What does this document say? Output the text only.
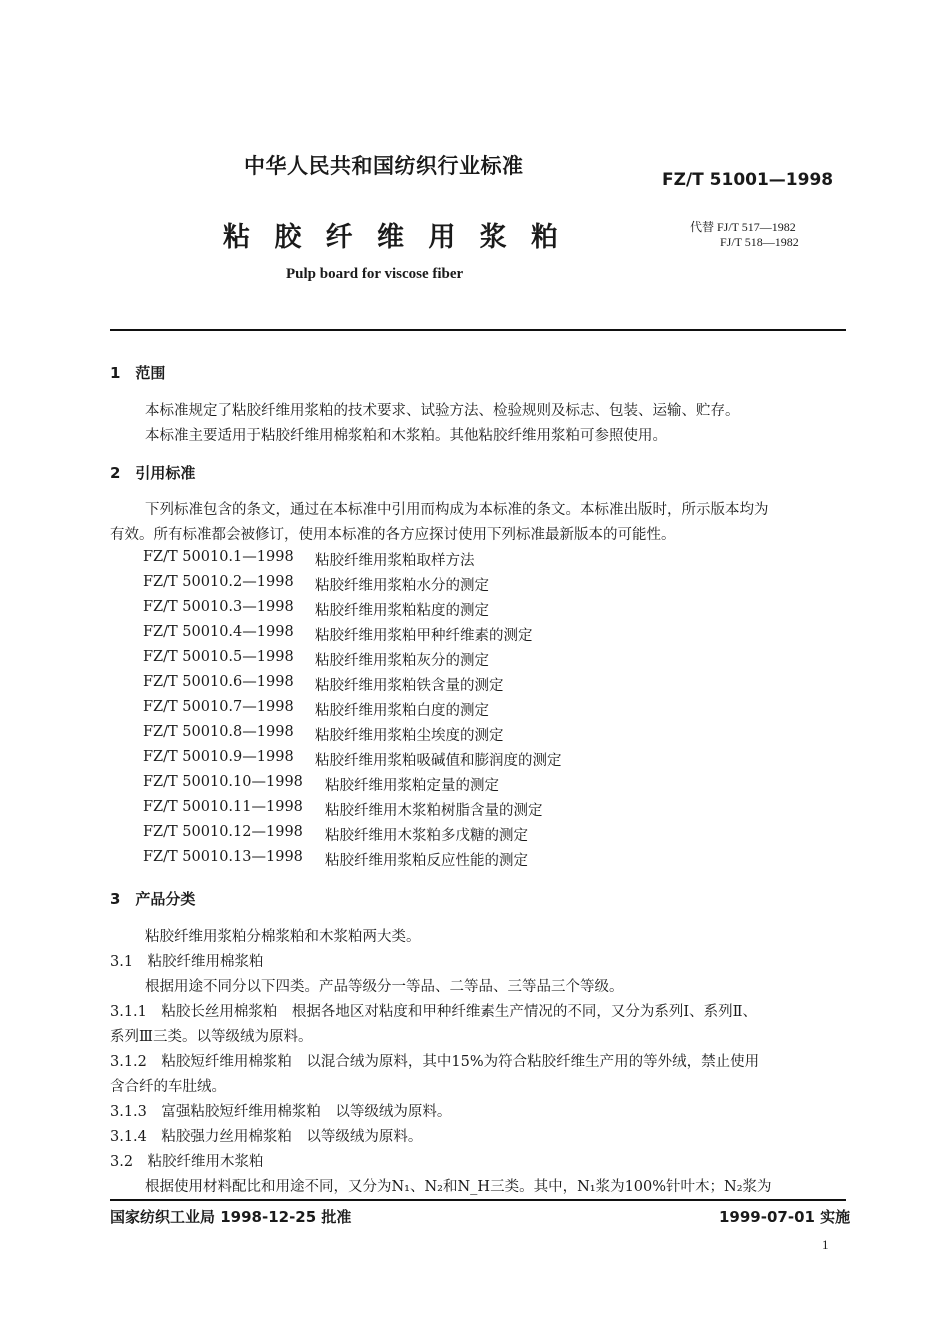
中华人民共和国纺织行业标准
FZ/T 51001—1998
粘 胶 纤 维 用 浆 粕	代替 FJ/T 517—1982
FJ/T 518—1982
Pulp board for viscose fiber
1　范围
本标准规定了粘胶纤维用浆粕的技术要求、试验方法、检验规则及标志、包装、运输、贮存。
本标准主要适用于粘胶纤维用棉浆粕和木浆粕。其他粘胶纤维用浆粕可参照使用。
2　引用标准
下列标准包含的条文，通过在本标准中引用而构成为本标准的条文。本标准出版时，所示版本均为
有效。所有标准都会被修订，使用本标准的各方应探讨使用下列标准最新版本的可能性。
FZ/T 50010.1—1998 粘胶纤维用浆粕取样方法
FZ/T 50010.2—1998 粘胶纤维用浆粕水分的测定
FZ/T 50010.3—1998 粘胶纤维用浆粕粘度的测定
FZ/T 50010.4—1998 粘胶纤维用浆粕甲种纤维素的测定
FZ/T 50010.5—1998 粘胶纤维用浆粕灰分的测定
FZ/T 50010.6—1998 粘胶纤维用浆粕铁含量的测定
FZ/T 50010.7—1998 粘胶纤维用浆粕白度的测定
FZ/T 50010.8—1998 粘胶纤维用浆粕尘埃度的测定
FZ/T 50010.9—1998 粘胶纤维用浆粕吸碱值和膨润度的测定
FZ/T 50010.10—1998 粘胶纤维用浆粕定量的测定
FZ/T 50010.11—1998 粘胶纤维用木浆粕树脂含量的测定
FZ/T 50010.12—1998 粘胶纤维用木浆粕多戊糖的测定
FZ/T 50010.13—1998 粘胶纤维用浆粕反应性能的测定
3　产品分类
粘胶纤维用浆粕分棉浆粕和木浆粕两大类。
3.1　粘胶纤维用棉浆粕
根据用途不同分以下四类。产品等级分一等品、二等品、三等品三个等级。
3.1.1　粘胶长丝用棉浆粕　根据各地区对粘度和甲种纤维素生产情况的不同，又分为系列Ⅰ、系列Ⅱ、
系列Ⅲ三类。以等级绒为原料。
3.1.2　粘胶短纤维用棉浆粕　以混合绒为原料，其中15%为符合粘胶纤维生产用的等外绒，禁止使用
含合纤的车肚绒。
3.1.3　富强粘胶短纤维用棉浆粕　以等级绒为原料。
3.1.4　粘胶强力丝用棉浆粕　以等级绒为原料。
3.2　粘胶纤维用木浆粕
根据使用材料配比和用途不同，又分为N₁、N₂和N_H三类。其中，N₁浆为100%针叶木；N₂浆为
国家纺织工业局 1998-12-25 批准	1999-07-01 实施
1
